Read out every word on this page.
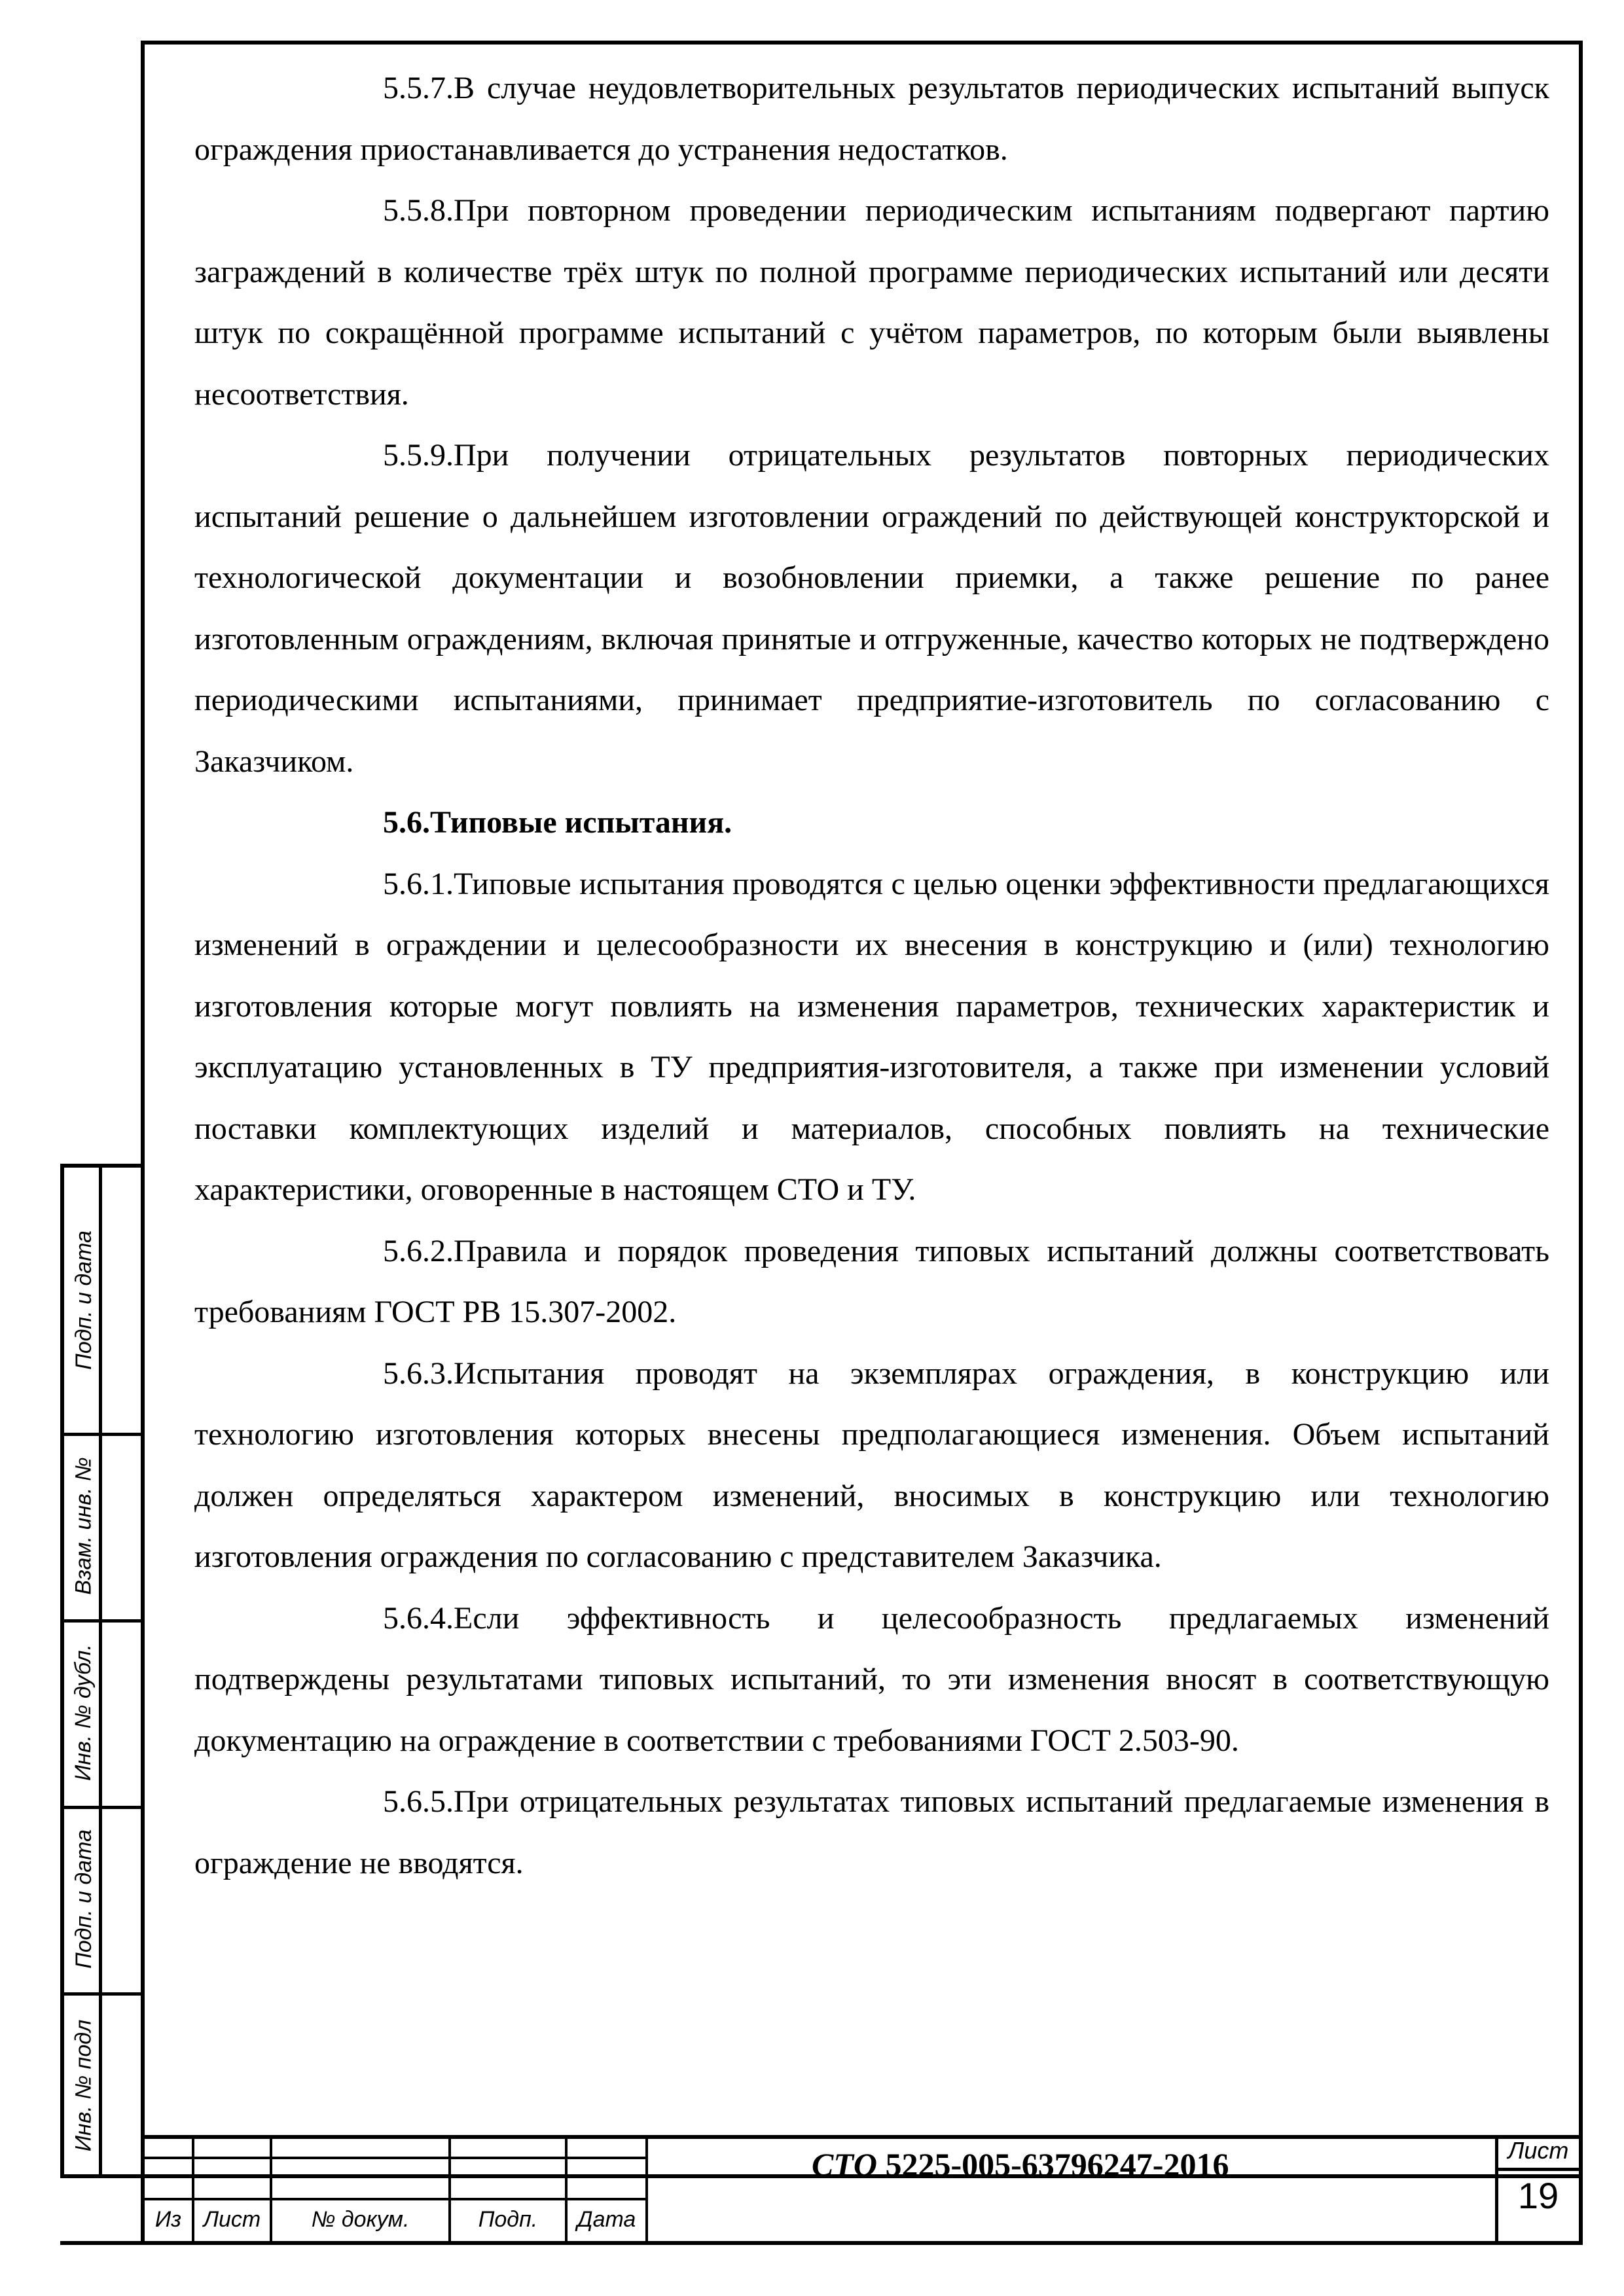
5.5.7.В случае неудовлетворительных результатов периодических испытаний выпуск ограждения приостанавливается до устранения недостатков.

5.5.8.При повторном проведении периодическим испытаниям подвергают партию заграждений в количестве трёх штук по полной программе периодических испытаний или десяти штук по сокращённой программе испытаний с учётом параметров, по которым были выявлены несоответствия.

5.5.9.При получении отрицательных результатов повторных периодических испытаний решение о дальнейшем изготовлении ограждений по действующей конструкторской и технологической документации и возобновлении приемки, а также решение по ранее изготовленным ограждениям, включая принятые и отгруженные, качество которых не подтверждено периодическими испытаниями, принимает предприятие-изготовитель по согласованию с Заказчиком.

5.6.Типовые испытания.

5.6.1.Типовые испытания проводятся с целью оценки эффективности предлагающихся изменений в ограждении и целесообразности их внесения в конструкцию и (или) технологию изготовления которые могут повлиять на изменения параметров, технических характеристик и эксплуатацию установленных в ТУ предприятия-изготовителя, а также при изменении условий поставки комплектующих изделий и материалов, способных повлиять на технические характеристики, оговоренные в настоящем СТО и ТУ.

5.6.2.Правила и порядок проведения типовых испытаний должны соответствовать требованиям ГОСТ РВ 15.307-2002.

5.6.3.Испытания проводят на экземплярах ограждения, в конструкцию или технологию изготовления которых внесены предполагающиеся изменения. Объем испытаний должен определяться характером изменений, вносимых в конструкцию или технологию изготовления ограждения по согласованию с представителем Заказчика.

5.6.4.Если эффективность и целесообразность предлагаемых изменений подтверждены результатами типовых испытаний, то эти изменения вносят в соответствующую документацию на ограждение в соответствии с требованиями ГОСТ 2.503-90.

5.6.5.При отрицательных результатах типовых испытаний предлагаемые изменения в ограждение не вводятся.

Подп. и дата
Взам. инв. №
Инв. № дубл.
Подп. и дата
Инв. № подл
Из Лист	№ докум.	Подп.	Дата
СТО 5225-005-63796247-2016	Лист
19
